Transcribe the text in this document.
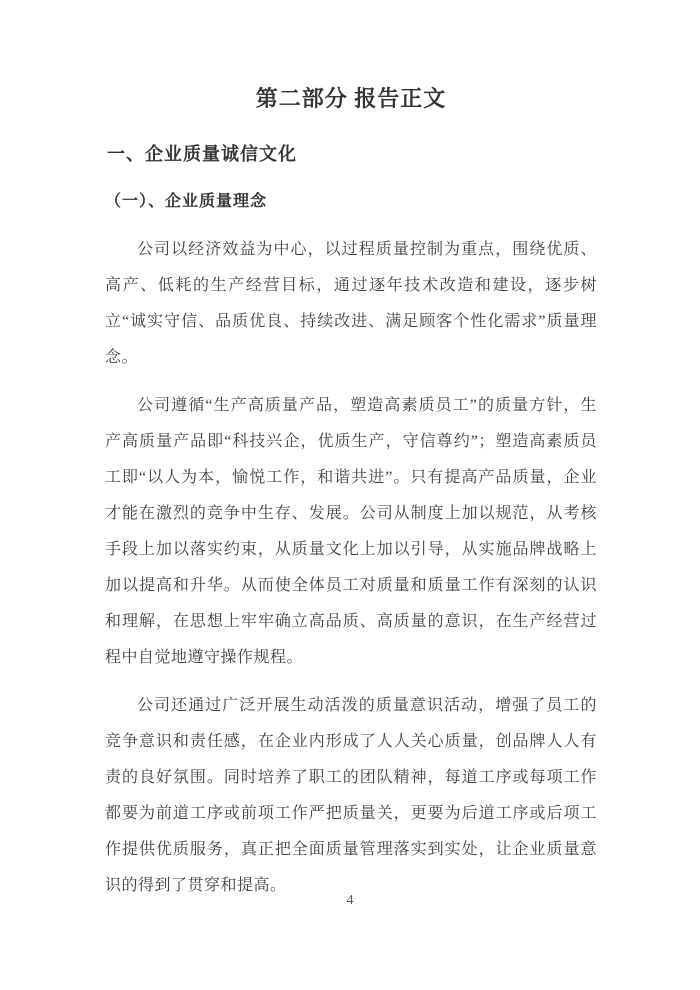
第二部分 报告正文
一、企业质量诚信文化
（一）、企业质量理念

公司以经济效益为中心，以过程质量控制为重点，围绕优质、高产、低耗的生产经营目标，通过逐年技术改造和建设，逐步树立“诚实守信、品质优良、持续改进、满足顾客个性化需求”质量理念。

公司遵循“生产高质量产品，塑造高素质员工”的质量方针，生产高质量产品即“科技兴企，优质生产，守信尊约”；塑造高素质员工即“以人为本，愉悦工作，和谐共进”。只有提高产品质量，企业才能在激烈的竞争中生存、发展。公司从制度上加以规范，从考核手段上加以落实约束，从质量文化上加以引导，从实施品牌战略上加以提高和升华。从而使全体员工对质量和质量工作有深刻的认识和理解，在思想上牢牢确立高品质、高质量的意识，在生产经营过程中自觉地遵守操作规程。

公司还通过广泛开展生动活泼的质量意识活动，增强了员工的竞争意识和责任感，在企业内形成了人人关心质量，创品牌人人有责的良好氛围。同时培养了职工的团队精神，每道工序或每项工作都要为前道工序或前项工作严把质量关，更要为后道工序或后项工作提供优质服务，真正把全面质量管理落实到实处，让企业质量意识的得到了贯穿和提高。

4
